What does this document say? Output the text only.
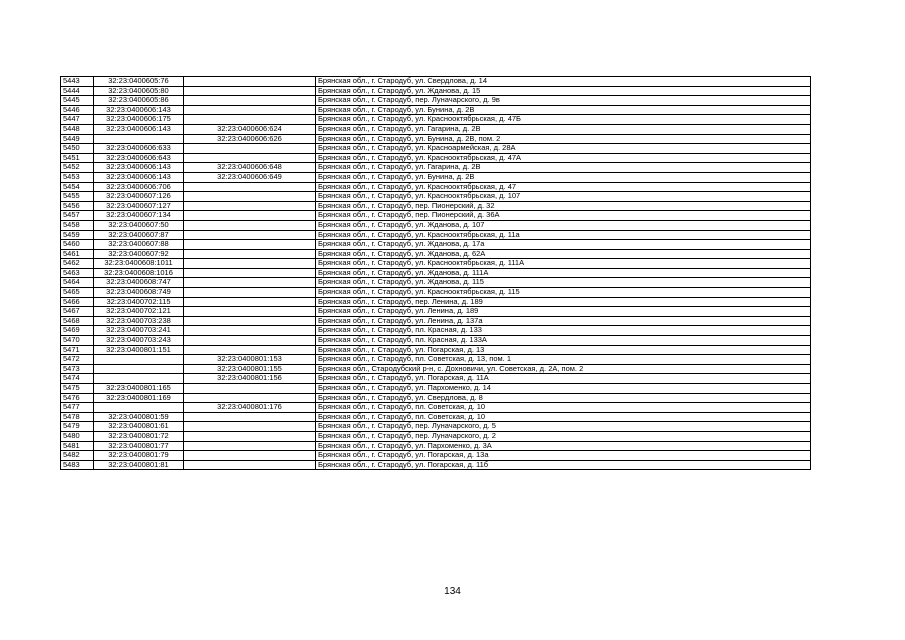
5443	32:23:0400605:76		Брянская обл., г. Стародуб, ул. Свердлова, д. 14
5444	32:23:0400605:80		Брянская обл., г. Стародуб, ул. Жданова, д. 15
5445	32:23:0400605:86		Брянская обл., г. Стародуб, пер. Луначарского, д. 9в
5446	32:23:0400606:143		Брянская обл., г. Стародуб, ул. Бунина, д. 2В
5447	32:23:0400606:175		Брянская обл., г. Стародуб, ул. Краснооктябрьская, д. 47Б
5448	32:23:0400606:143	32:23:0400606:624	Брянская обл., г. Стародуб, ул. Гагарина, д. 2В
5449		32:23:0400606:626	Брянская обл., г. Стародуб, ул. Бунина, д. 2В, пом. 2
5450	32:23:0400606:633		Брянская обл., г. Стародуб, ул. Красноармейская, д. 28А
5451	32:23:0400606:643		Брянская обл., г. Стародуб, ул. Краснооктябрьская, д. 47А
5452	32:23:0400606:143	32:23:0400606:648	Брянская обл., г. Стародуб, ул. Гагарина, д. 2В
5453	32:23:0400606:143	32:23:0400606:649	Брянская обл., г. Стародуб, ул. Бунина, д. 2В
5454	32:23:0400606:706		Брянская обл., г. Стародуб, ул. Краснооктябрьская, д. 47
5455	32:23:0400607:126		Брянская обл., г. Стародуб, ул. Краснооктябрьская, д. 107
5456	32:23:0400607:127		Брянская обл., г. Стародуб, пер. Пионерский, д. 32
5457	32:23:0400607:134		Брянская обл., г. Стародуб, пер. Пионерский, д. 36А
5458	32:23:0400607:50		Брянская обл., г. Стародуб, ул. Жданова, д. 107
5459	32:23:0400607:87		Брянская обл., г. Стародуб, ул. Краснооктябрьская, д. 11а
5460	32:23:0400607:88		Брянская обл., г. Стародуб, ул. Жданова, д. 17а
5461	32:23:0400607:92		Брянская обл., г. Стародуб, ул. Жданова, д. 62А
5462	32:23:0400608:1011		Брянская обл., г. Стародуб, ул. Краснооктябрьская, д. 111А
5463	32:23:0400608:1016		Брянская обл., г. Стародуб, ул. Жданова, д. 111А
5464	32:23:0400608:747		Брянская обл., г. Стародуб, ул. Жданова, д. 115
5465	32:23:0400608:749		Брянская обл., г. Стародуб, ул. Краснооктябрьская, д. 115
5466	32:23:0400702:115		Брянская обл., г. Стародуб, пер. Ленина, д. 189
5467	32:23:0400702:121		Брянская обл., г. Стародуб, ул. Ленина, д. 189
5468	32:23:0400703:238		Брянская обл., г. Стародуб, ул. Ленина, д. 137а
5469	32:23:0400703:241		Брянская обл., г. Стародуб, пл. Красная, д. 133
5470	32:23:0400703:243		Брянская обл., г. Стародуб, пл. Красная, д. 133А
5471	32:23:0400801:151		Брянская обл., г. Стародуб, ул. Погарская, д. 13
5472		32:23:0400801:153	Брянская обл., г. Стародуб, пл. Советская, д. 13, пом. 1
5473		32:23:0400801:155	Брянская обл., Стародубский р-н, с. Дохновичи, ул. Советская, д. 2А, пом. 2
5474		32:23:0400801:156	Брянская обл., г. Стародуб, ул. Погарская, д. 11А
5475	32:23:0400801:165		Брянская обл., г. Стародуб, ул. Пархоменко, д. 14
5476	32:23:0400801:169		Брянская обл., г. Стародуб, ул. Свердлова, д. 8
5477		32:23:0400801:176	Брянская обл., г. Стародуб, пл. Советская, д. 10
5478	32:23:0400801:59		Брянская обл., г. Стародуб, пл. Советская, д. 10
5479	32:23:0400801:61		Брянская обл., г. Стародуб, пер. Луначарского, д. 5
5480	32:23:0400801:72		Брянская обл., г. Стародуб, пер. Луначарского, д. 2
5481	32:23:0400801:77		Брянская обл., г. Стародуб, ул. Пархоменко, д. 3А
5482	32:23:0400801:79		Брянская обл., г. Стародуб, ул. Погарская, д. 13а
5483	32:23:0400801:81		Брянская обл., г. Стародуб, ул. Погарская, д. 11б
134
